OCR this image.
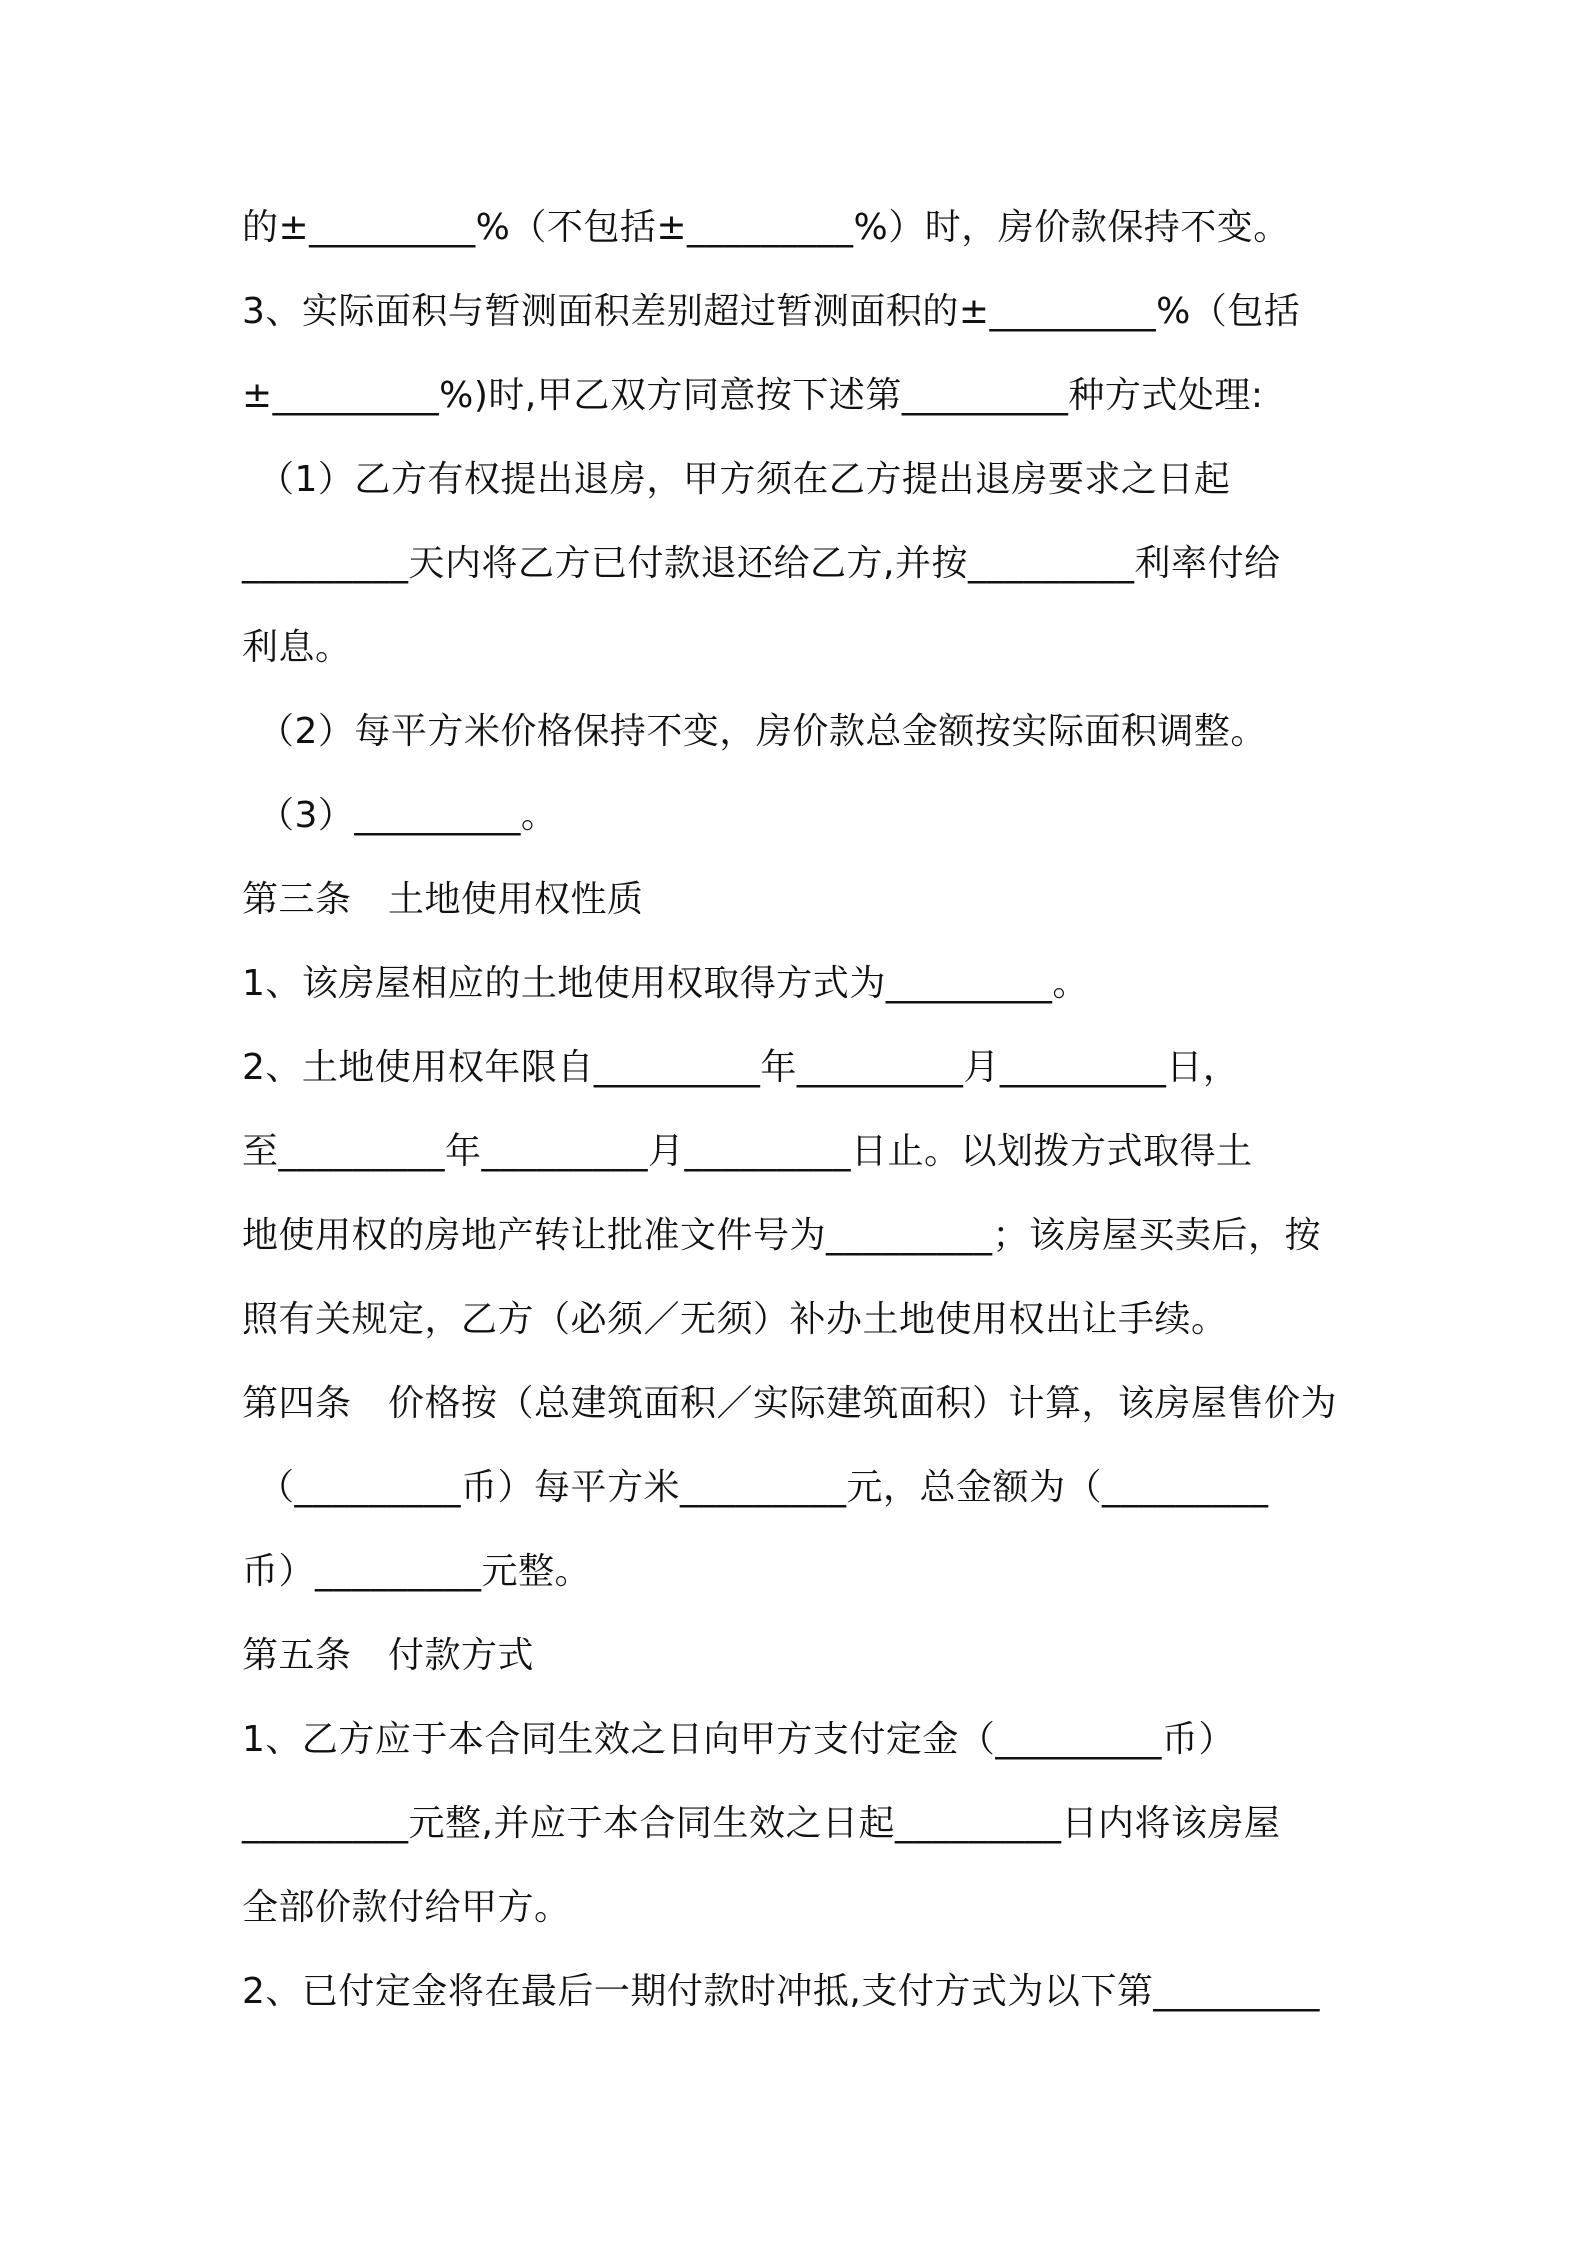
的±_________%（不包括±_________%）时，房价款保持不变。
3、实际面积与暂测面积差别超过暂测面积的±_________%（包括
±_________%)时,甲乙双方同意按下述第_________种方式处理:
（1）乙方有权提出退房，甲方须在乙方提出退房要求之日起
_________天内将乙方已付款退还给乙方,并按_________利率付给
利息。
（2）每平方米价格保持不变，房价款总金额按实际面积调整。
（3）_________。
第三条　土地使用权性质
1、该房屋相应的土地使用权取得方式为_________。
2、土地使用权年限自_________年_________月_________日，
至_________年_________月_________日止。以划拨方式取得土
地使用权的房地产转让批准文件号为_________；该房屋买卖后，按
照有关规定，乙方（必须／无须）补办土地使用权出让手续。
第四条　价格按（总建筑面积／实际建筑面积）计算，该房屋售价为
（_________币）每平方米_________元，总金额为（_________
币）_________元整。
第五条　付款方式
1、乙方应于本合同生效之日向甲方支付定金（_________币）
_________元整,并应于本合同生效之日起_________日内将该房屋
全部价款付给甲方。
2、已付定金将在最后一期付款时冲抵,支付方式为以下第_________
